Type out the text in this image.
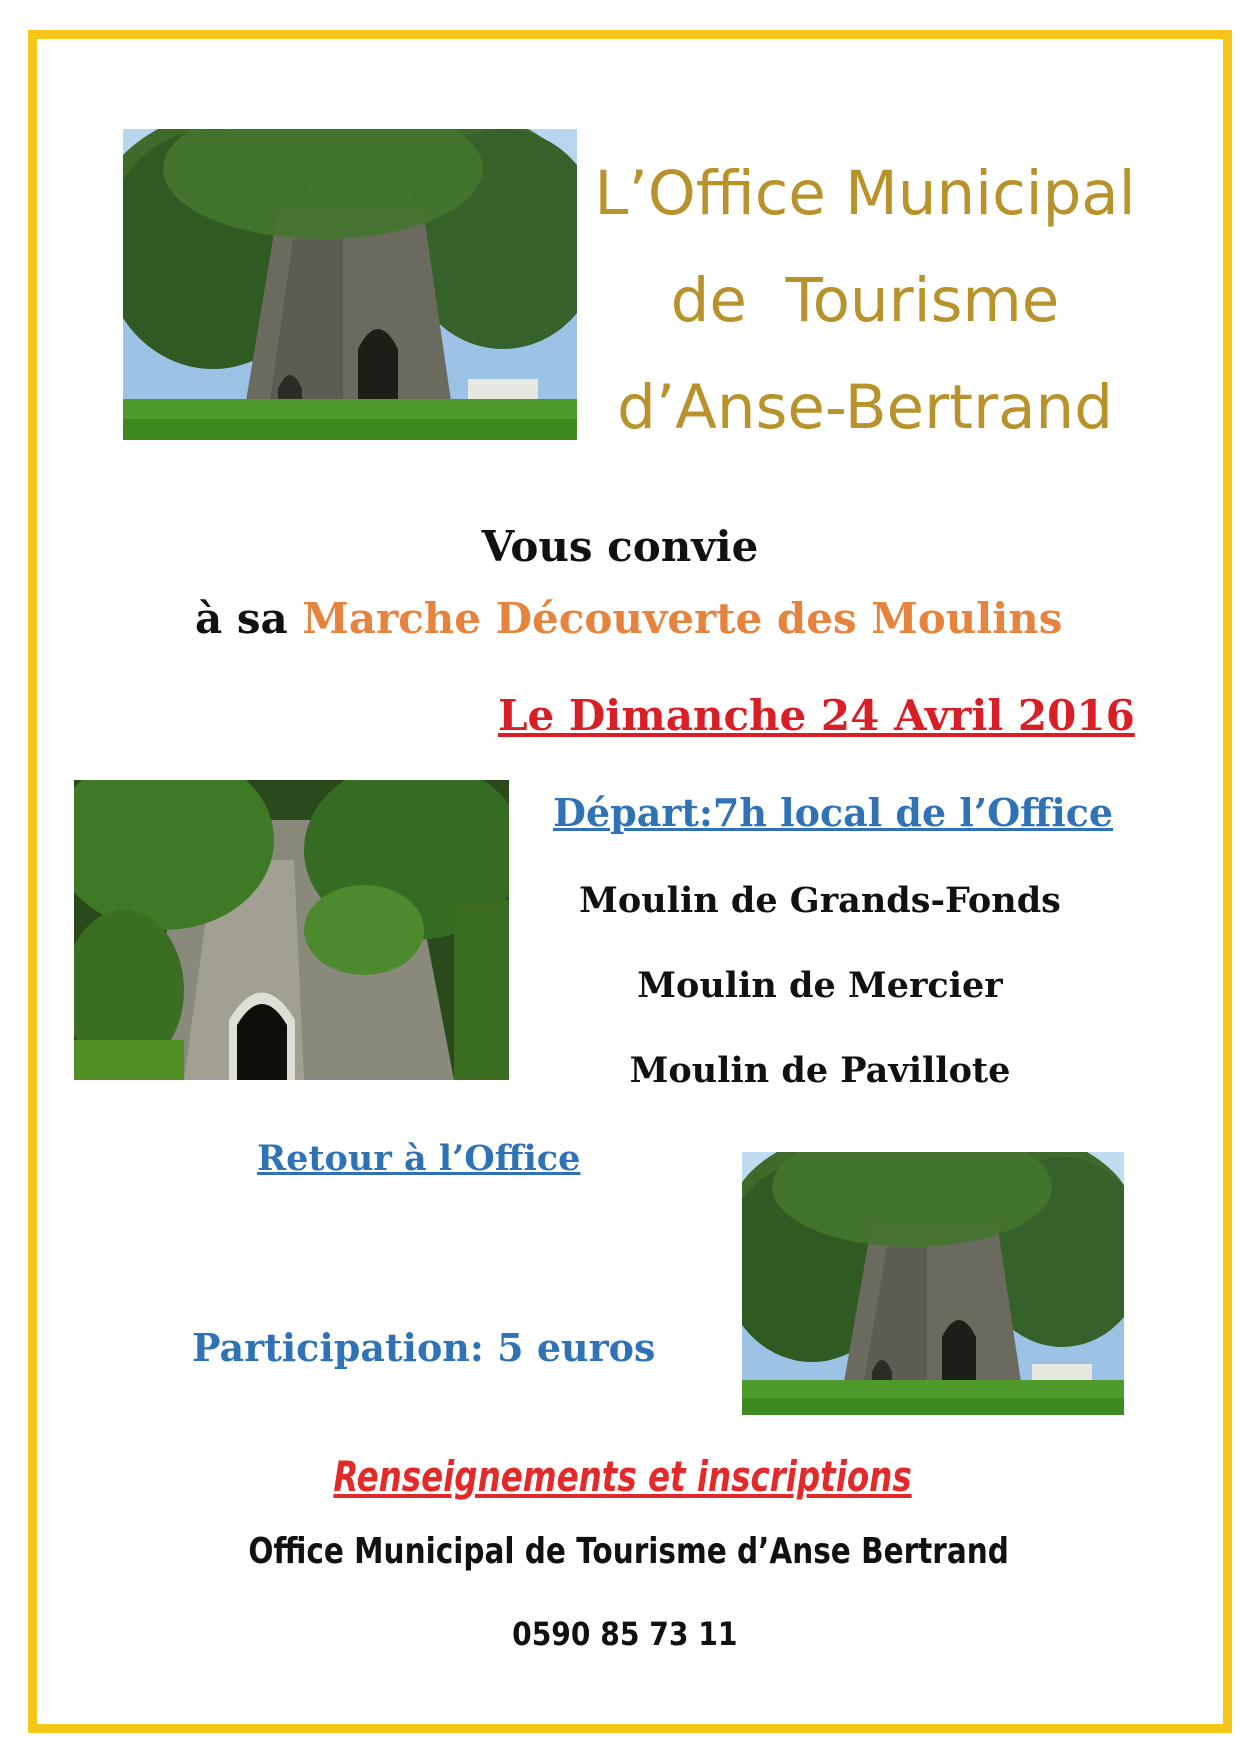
L’Office Municipal
de  Tourisme
d’Anse-Bertrand
Vous convie
à sa Marche Découverte des Moulins
Le Dimanche 24 Avril 2016
Départ:7h local de l’Office
Moulin de Grands-Fonds
Moulin de Mercier
Moulin de Pavillote
Retour à l’Office
Participation: 5 euros
Renseignements et inscriptions
Office Municipal de Tourisme d’Anse Bertrand
0590 85 73 11
